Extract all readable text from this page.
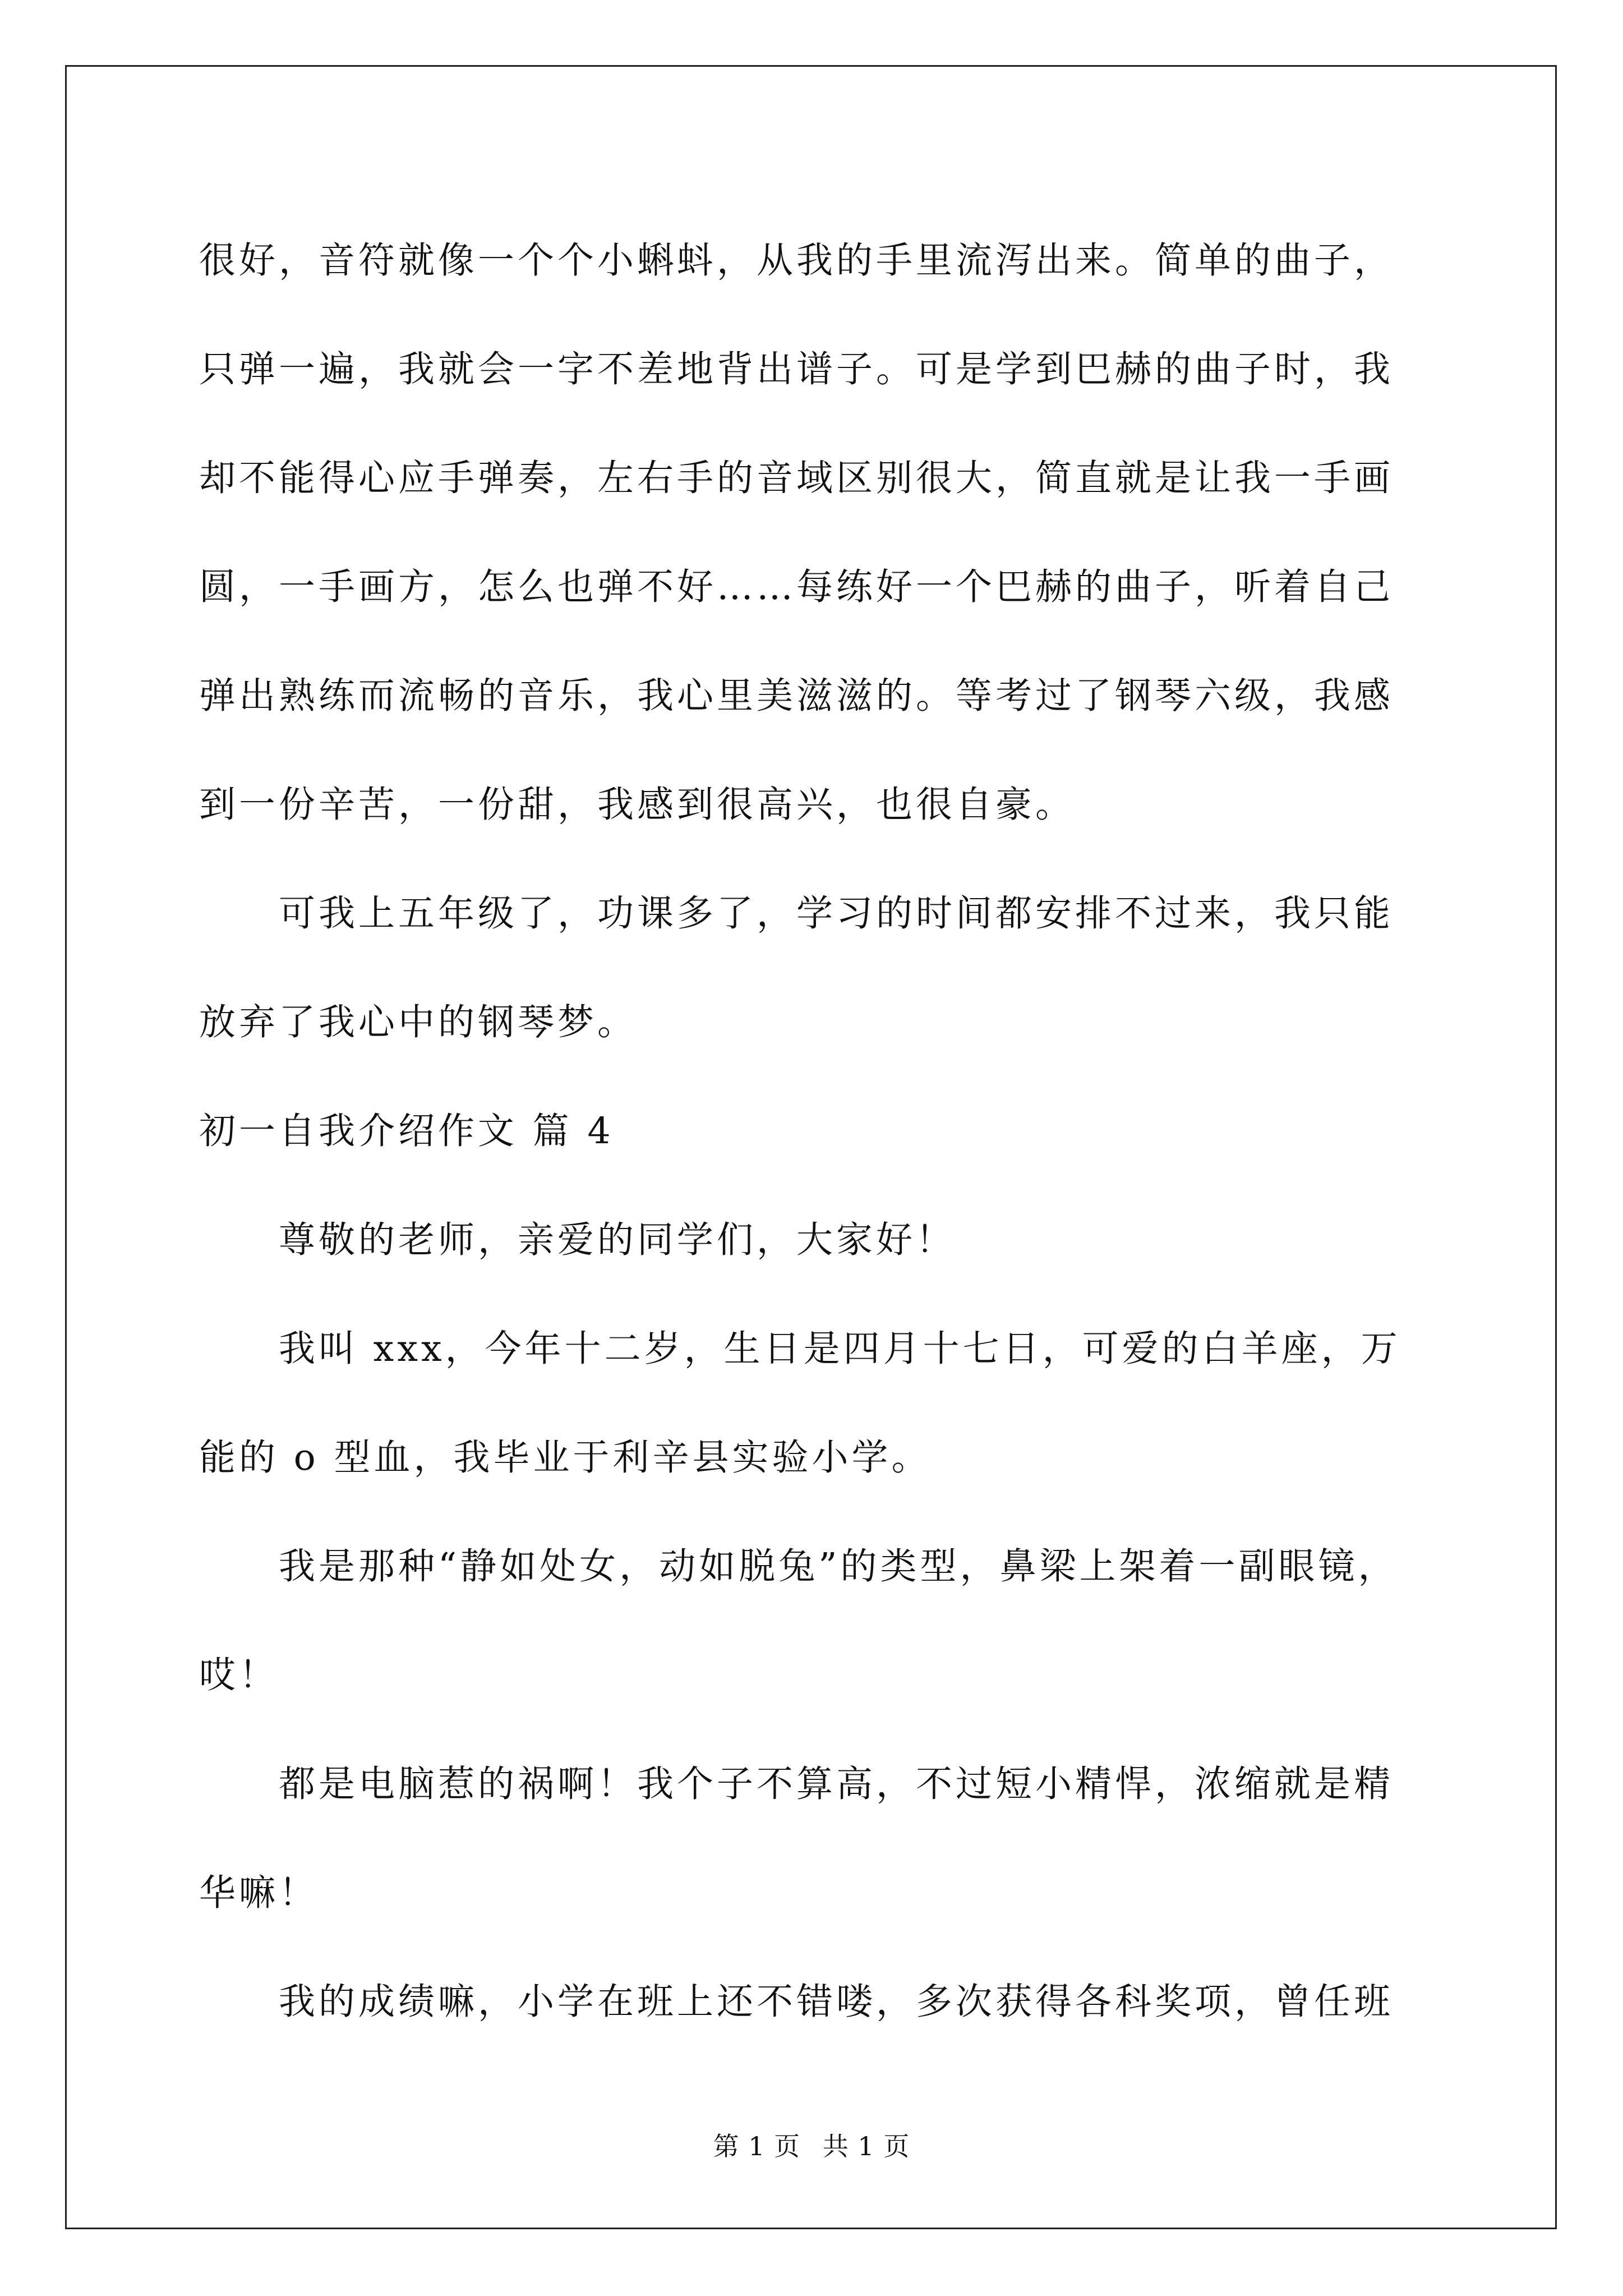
很好，音符就像一个个小蝌蚪，从我的手里流泻出来。简单的曲子，

只弹一遍，我就会一字不差地背出谱子。可是学到巴赫的曲子时，我

却不能得心应手弹奏，左右手的音域区别很大，简直就是让我一手画

圆，一手画方，怎么也弹不好……每练好一个巴赫的曲子，听着自己

弹出熟练而流畅的音乐，我心里美滋滋的。等考过了钢琴六级，我感

到一份辛苦，一份甜，我感到很高兴，也很自豪。

　　可我上五年级了，功课多了，学习的时间都安排不过来，我只能

放弃了我心中的钢琴梦。

初一自我介绍作文 篇 4

　　尊敬的老师，亲爱的同学们，大家好！

　　我叫 xxx，今年十二岁，生日是四月十七日，可爱的白羊座，万

能的 o 型血，我毕业于利辛县实验小学。

　　我是那种“静如处女，动如脱兔”的类型，鼻梁上架着一副眼镜，

哎！

　　都是电脑惹的祸啊！我个子不算高，不过短小精悍，浓缩就是精

华嘛！

　　我的成绩嘛，小学在班上还不错喽，多次获得各科奖项，曾任班

第 1 页 共 1 页
